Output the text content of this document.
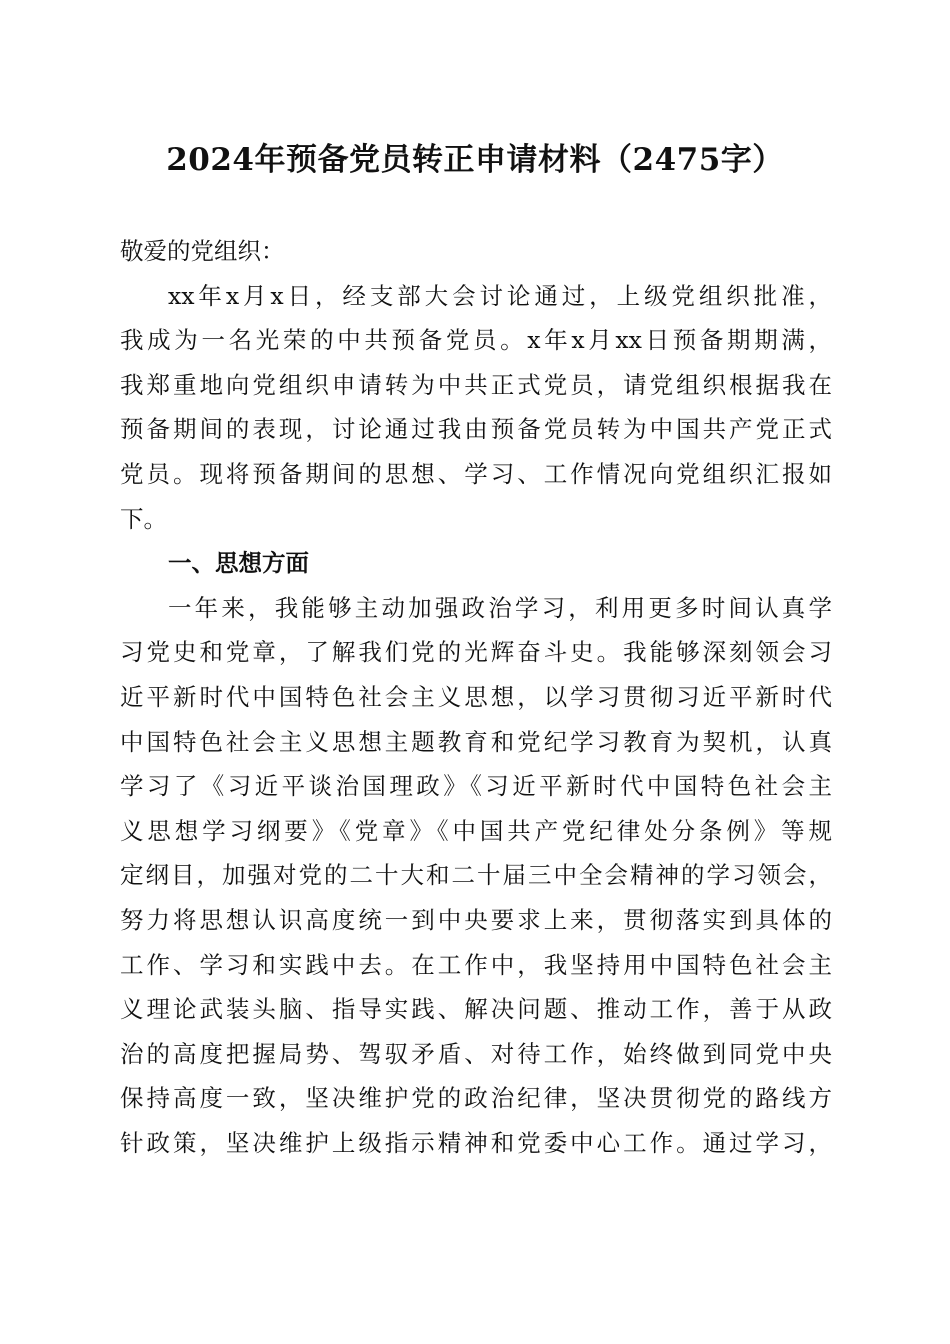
2024年预备党员转正申请材料（2475字）
敬爱的党组织：
xx年x月x日，经支部大会讨论通过，上级党组织批准，
我成为一名光荣的中共预备党员。x年x月xx日预备期期满，
我郑重地向党组织申请转为中共正式党员，请党组织根据我在
预备期间的表现，讨论通过我由预备党员转为中国共产党正式
党员。现将预备期间的思想、学习、工作情况向党组织汇报如
下。
一、思想方面
一年来，我能够主动加强政治学习，利用更多时间认真学
习党史和党章，了解我们党的光辉奋斗史。我能够深刻领会习
近平新时代中国特色社会主义思想，以学习贯彻习近平新时代
中国特色社会主义思想主题教育和党纪学习教育为契机，认真
学习了《习近平谈治国理政》《习近平新时代中国特色社会主
义思想学习纲要》《党章》《中国共产党纪律处分条例》等规
定纲目，加强对党的二十大和二十届三中全会精神的学习领会，
努力将思想认识高度统一到中央要求上来，贯彻落实到具体的
工作、学习和实践中去。在工作中，我坚持用中国特色社会主
义理论武装头脑、指导实践、解决问题、推动工作，善于从政
治的高度把握局势、驾驭矛盾、对待工作，始终做到同党中央
保持高度一致，坚决维护党的政治纪律，坚决贯彻党的路线方
针政策，坚决维护上级指示精神和党委中心工作。通过学习，
